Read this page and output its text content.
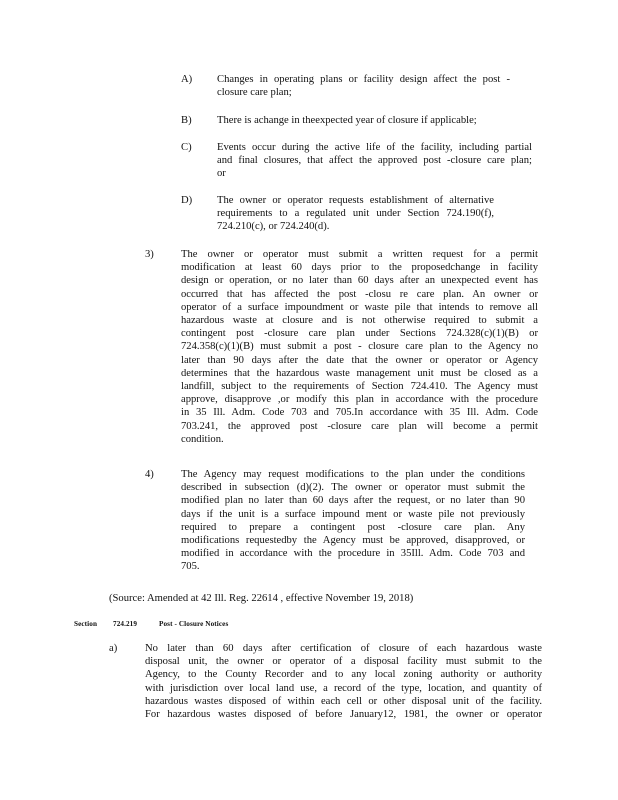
A) Changes in operating plans or facility design affect the post -
closure care plan;
B) There is achange in theexpected year of closure if applicable;
C) Events occur during the active life of the facility, including partial
and final closures, that affect the approved post -closure care plan;
or
D) The owner or operator requests establishment of alternative
requirements to a regulated unit under Section 724.190(f),
724.210(c), or 724.240(d).
3)	The owner or operator must submit a written request for a permit
modification at least 60 days prior to the proposedchange in facility
design or operation, or no later than 60 days after an unexpected event has
occurred that has affected the post -closu re care plan. An owner or
operator of a surface impoundment or waste pile that intends to remove all
hazardous waste at closure and is not otherwise required to submit a
contingent post -closure care plan under Sections 724.328(c)(1)(B) or
724.358(c)(1)(B) must submit a post - closure care plan to the Agency no
later than 90 days after the date that the owner or operator or Agency
determines that the hazardous waste management unit must be closed as a
landfill, subject to the requirements of Section 724.410. The Agency must
approve, disapprove ,or modify this plan in accordance with the procedure
in 35 Ill. Adm. Code 703 and 705.In accordance with 35 Ill. Adm. Code
703.241, the approved post -closure care plan will become a permit
condition.
4)	The Agency may request modifications to the plan under the conditions
described in subsection (d)(2). The owner or operator must submit the
modified plan no later than 60 days after the request, or no later than 90
days if the unit is a surface impound ment or waste pile not previously
required to prepare a contingent post -closure care plan. Any
modifications requestedby the Agency must be approved, disapproved, or
modified in accordance with the procedure in 35Ill. Adm. Code 703 and
705.
(Source: Amended at 42 Ill. Reg. 22614 , effective November 19, 2018)
Section 724.219	Post - Closure Notices
a)	No later than 60 days after certification of closure of each hazardous waste
disposal unit, the owner or operator of a disposal facility must submit to the
Agency, to the County Recorder and to any local zoning authority or authority
with jurisdiction over local land use, a record of the type, location, and quantity of
hazardous wastes disposed of within each cell or other disposal unit of the facility.
For hazardous wastes disposed of before January12, 1981, the owner or operator
